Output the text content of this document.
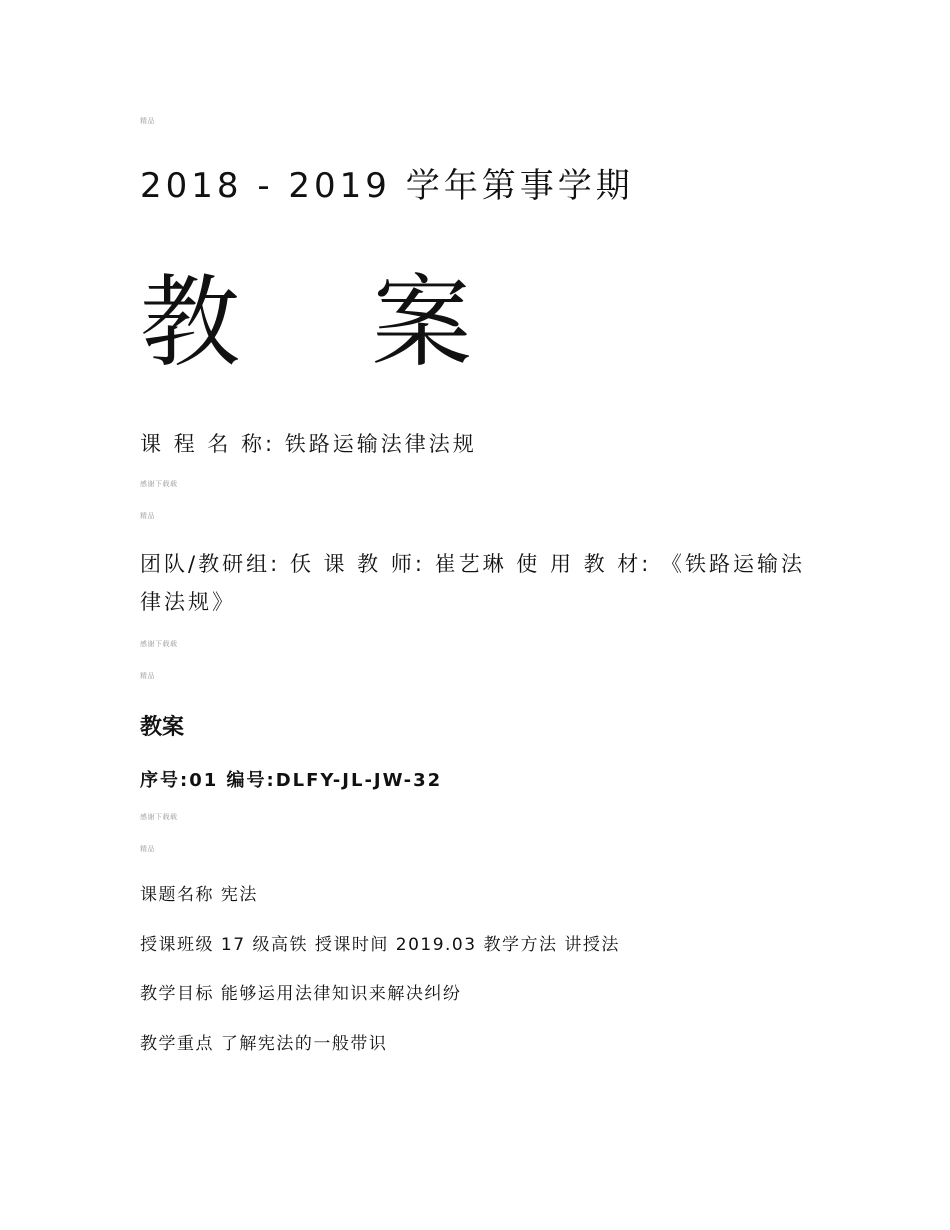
精品
2018 - 2019 学年第事学期
教 案
课 程 名 称: 铁路运输法律法规
感谢下载载
精品
团队/教研组: 仸 课 教 师: 崔艺琳 使 用 教 材: 《铁路运输法律法规》
感谢下载载
精品
教案
序号:01 编号:DLFY-JL-JW-32
感谢下载载
精品
课题名称 宪法
授课班级 17 级高铁 授课时间 2019.03 教学方法 讲授法
教学目标 能够运用法律知识来解决纠纷
教学重点 了解宪法的一般带识
